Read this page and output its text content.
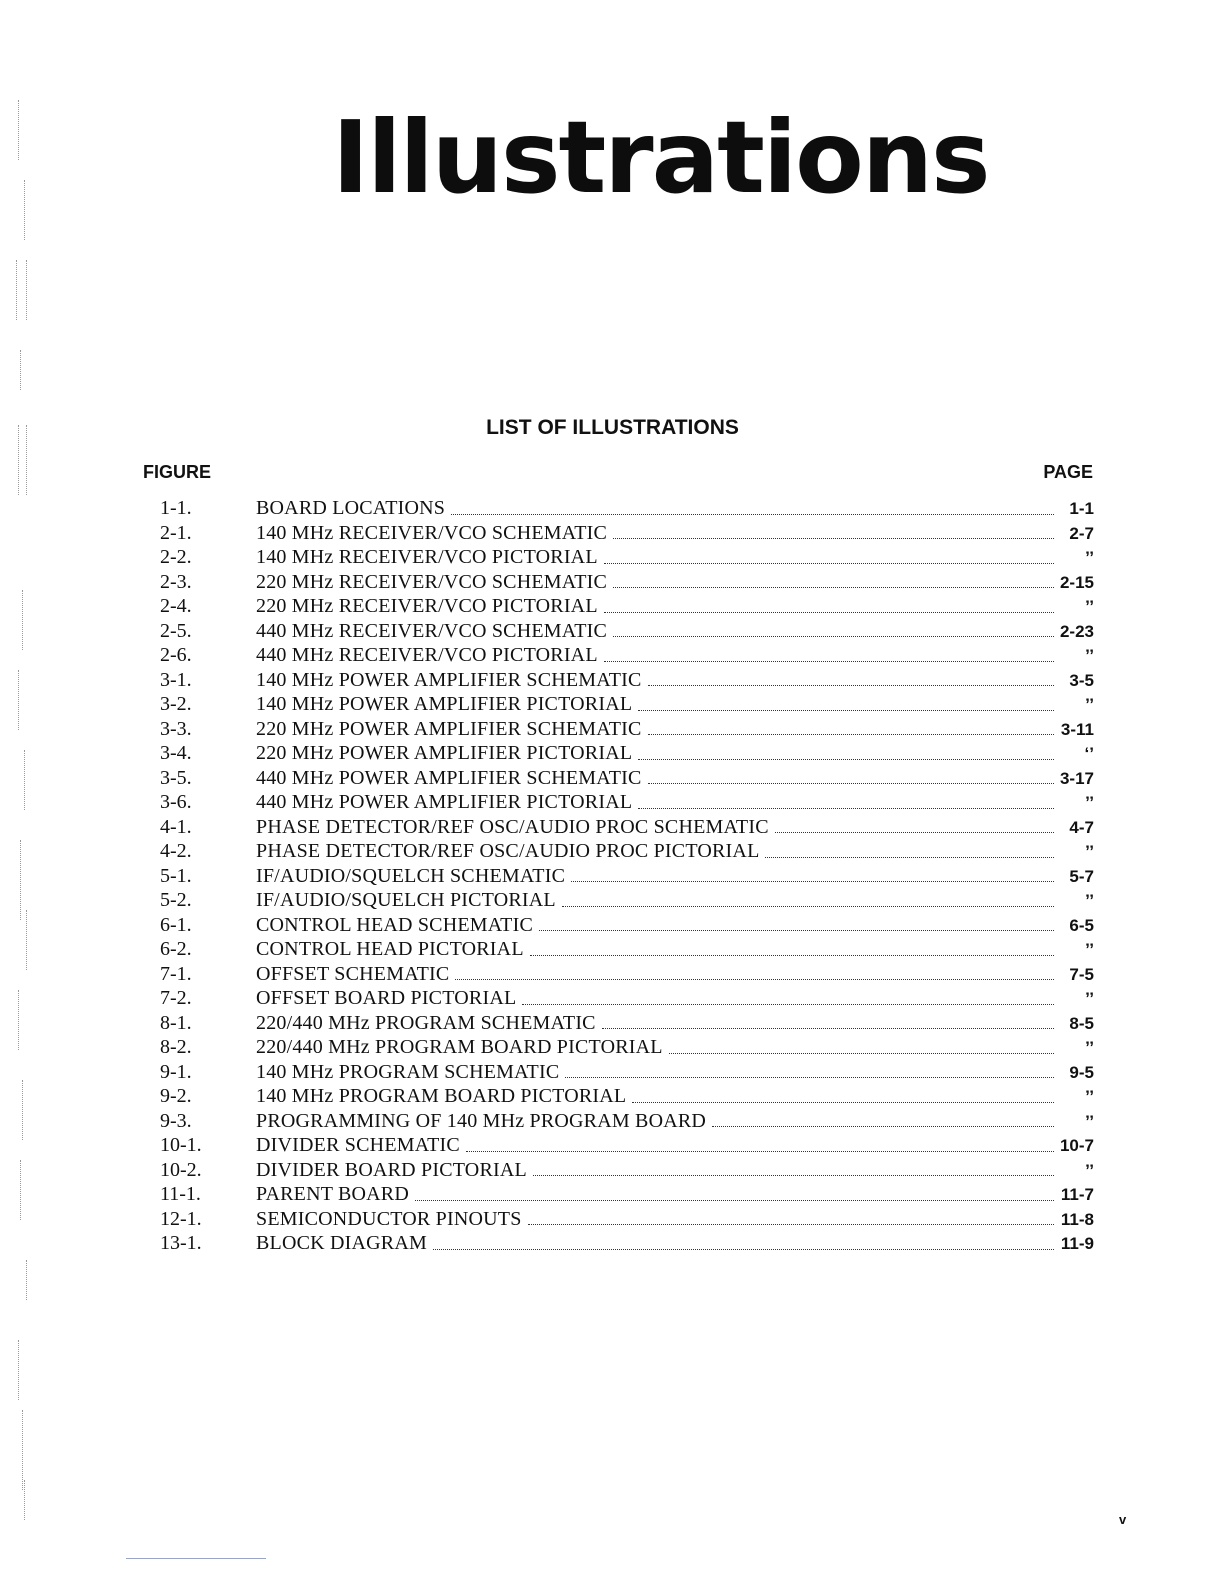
Illustrations
LIST OF ILLUSTRATIONS
FIGURE	PAGE
1-1.	BOARD LOCATIONS	1-1
2-1.	140 MHz RECEIVER/VCO SCHEMATIC	2-7
2-2.	140 MHz RECEIVER/VCO PICTORIAL	’’
2-3.	220 MHz RECEIVER/VCO SCHEMATIC	2-15
2-4.	220 MHz RECEIVER/VCO PICTORIAL	’’
2-5.	440 MHz RECEIVER/VCO SCHEMATIC	2-23
2-6.	440 MHz RECEIVER/VCO PICTORIAL	’’
3-1.	140 MHz POWER AMPLIFIER SCHEMATIC	3-5
3-2.	140 MHz POWER AMPLIFIER PICTORIAL	’’
3-3.	220 MHz POWER AMPLIFIER SCHEMATIC	3-11
3-4.	220 MHz POWER AMPLIFIER PICTORIAL	‘’
3-5.	440 MHz POWER AMPLIFIER SCHEMATIC	3-17
3-6.	440 MHz POWER AMPLIFIER PICTORIAL	’’
4-1.	PHASE DETECTOR/REF OSC/AUDIO PROC SCHEMATIC	4-7
4-2.	PHASE DETECTOR/REF OSC/AUDIO PROC PICTORIAL	’’
5-1.	IF/AUDIO/SQUELCH SCHEMATIC	5-7
5-2.	IF/AUDIO/SQUELCH PICTORIAL	’’
6-1.	CONTROL HEAD SCHEMATIC	6-5
6-2.	CONTROL HEAD PICTORIAL	’’
7-1.	OFFSET SCHEMATIC	7-5
7-2.	OFFSET BOARD PICTORIAL	’’
8-1.	220/440 MHz PROGRAM SCHEMATIC	8-5
8-2.	220/440 MHz PROGRAM BOARD PICTORIAL	’’
9-1.	140 MHz PROGRAM SCHEMATIC	9-5
9-2.	140 MHz PROGRAM BOARD PICTORIAL	’’
9-3.	PROGRAMMING OF 140 MHz PROGRAM BOARD	’’
10-1.	DIVIDER SCHEMATIC	10-7
10-2.	DIVIDER BOARD PICTORIAL	’’
11-1.	PARENT BOARD	11-7
12-1.	SEMICONDUCTOR PINOUTS	11-8
13-1.	BLOCK DIAGRAM	11-9
v
